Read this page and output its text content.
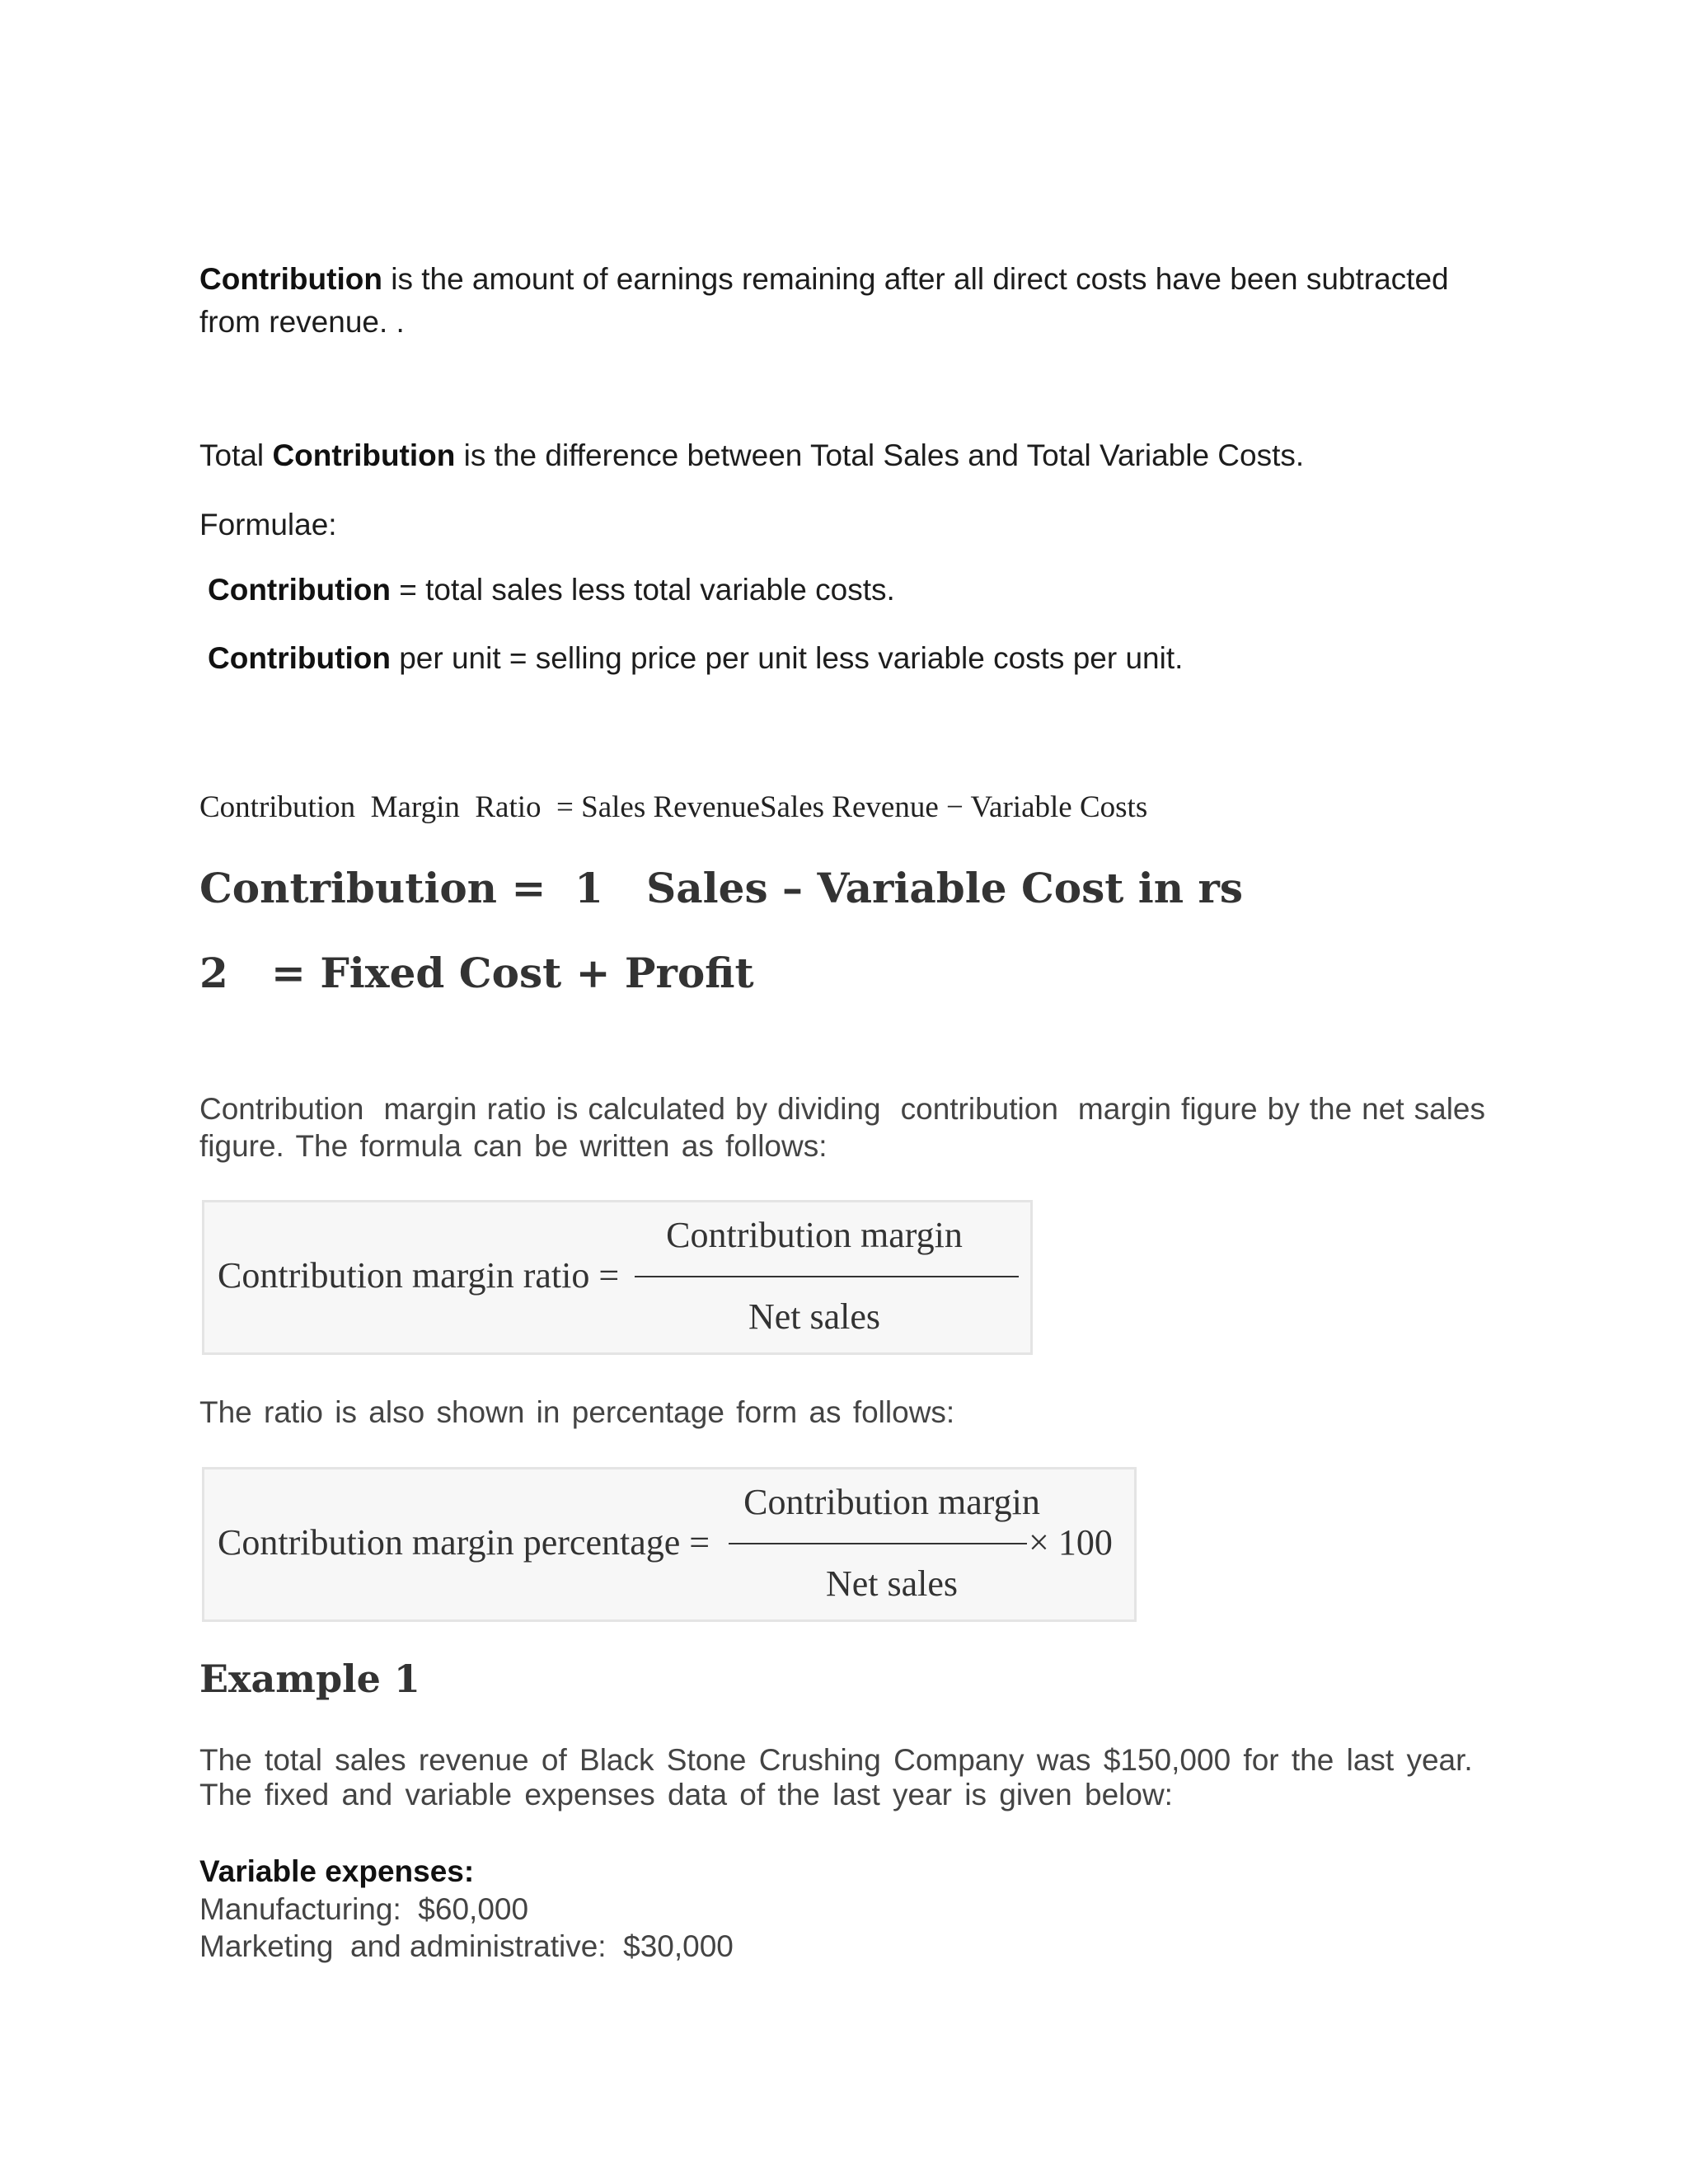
Contribution is the amount of earnings remaining after all direct costs have been subtracted
from revenue. .
Total Contribution is the difference between Total Sales and Total Variable Costs.
Formulae:
Contribution = total sales less total variable costs.
Contribution per unit = selling price per unit less variable costs per unit.
Contribution  Margin  Ratio  = Sales RevenueSales Revenue − Variable Costs
Contribution =  1   Sales – Variable Cost in rs
2   = Fixed Cost + Profit
Contribution  margin ratio is calculated by dividing  contribution  margin figure by the net sales
figure. The formula can be written as follows:
Contribution margin ratio =
Contribution margin
Net sales
The ratio is also shown in percentage form as follows:
Contribution margin percentage =
Contribution margin
× 100
Net sales
Example 1
The total sales revenue of Black Stone Crushing Company was $150,000 for the last year.
The fixed and variable expenses data of the last year is given below:
Variable expenses:
Manufacturing:  $60,000
Marketing  and administrative:  $30,000
